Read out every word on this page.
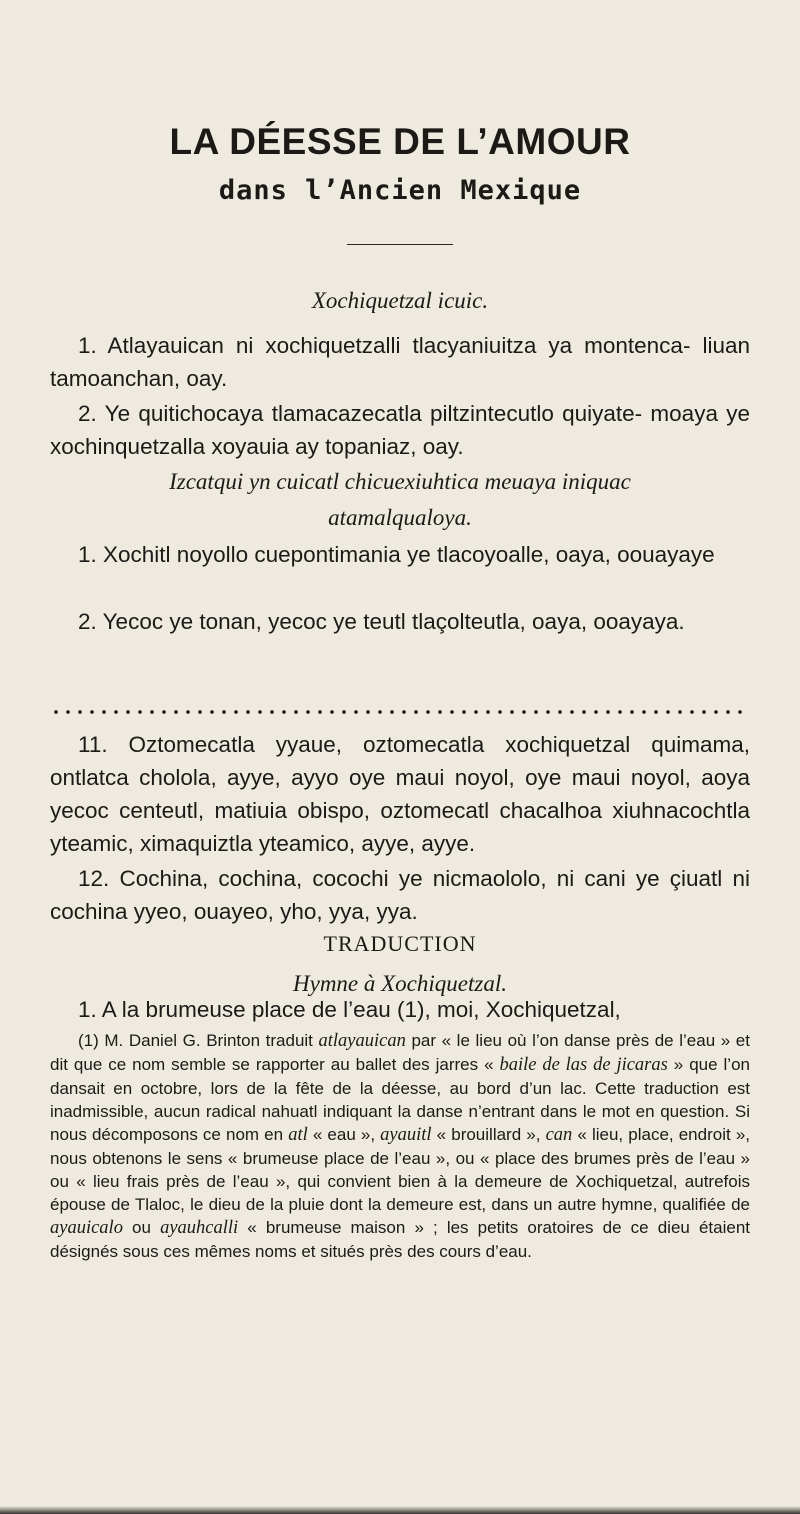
LA DÉESSE DE L’AMOUR
dans l’Ancien Mexique

Xochiquetzal icuic.

1. Atlayauican ni xochiquetzalli tlacyaniuitza ya montenca- liuan tamoanchan, oay.

2. Ye quitichocaya tlamacazecatla piltzintecutlo quiyate- moaya ye xochinquetzalla xoyauia ay topaniaz, oay.

Izcatqui yn cuicatl chicuexiuhtica meuaya iniquac atamalqualoya.

1. Xochitl noyollo cuepontimania ye tlacoyoalle, oaya, oouayaye

2. Yecoc ye tonan, yecoc ye teutl tlaçolteutla, oaya, ooayaya.

11. Oztomecatla yyaue, oztomecatla xochiquetzal quimama, ontlatca cholola, ayye, ayyo oye maui noyol, oye maui noyol, aoya yecoc centeutl, matiuia obispo, oztomecatl chacalhoa xiuhnacochtla yteamic, ximaquiztla yteamico, ayye, ayye.

12. Cochina, cochina, cocochi ye nicmaololo, ni cani ye çiuatl ni cochina yyeo, ouayeo, yho, yya, yya.

TRADUCTION

Hymne à Xochiquetzal.

1. A la brumeuse place de l’eau (1), moi, Xochiquetzal,

(1) M. Daniel G. Brinton traduit atlayauican par « le lieu où l’on danse près de l’eau » et dit que ce nom semble se rapporter au ballet des jarres « baile de las de jicaras » que l’on dansait en octobre, lors de la fête de la déesse, au bord d’un lac. Cette traduction est inadmissible, aucun radical nahuatl indiquant la danse n’entrant dans le mot en question. Si nous décomposons ce nom en atl « eau », ayauitl « brouillard », can « lieu, place, endroit », nous obtenons le sens « brumeuse place de l’eau », ou « place des brumes près de l’eau » ou « lieu frais près de l’eau », qui convient bien à la demeure de Xochiquetzal, autrefois épouse de Tlaloc, le dieu de la pluie dont la demeure est, dans un autre hymne, qualifiée de ayauicalo ou ayauhcalli « brumeuse maison » ; les petits oratoires de ce dieu étaient désignés sous ces mêmes noms et situés près des cours d’eau.
